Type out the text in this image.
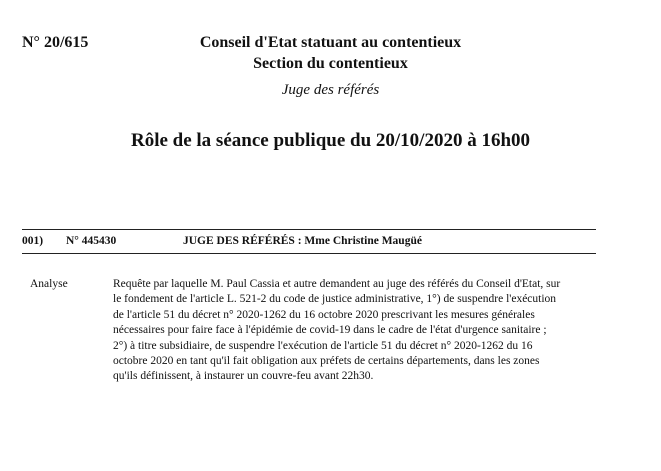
N° 20/615	Conseil d'Etat statuant au contentieux
Section du contentieux
Juge des référés
Rôle de la séance publique du 20/10/2020 à 16h00
001) N° 445430	JUGE DES RÉFÉRÉS : Mme Christine Maugüé
Analyse	Requête par laquelle M. Paul Cassia et autre demandent au juge des référés du Conseil d'Etat, sur
le fondement de l'article L. 521-2 du code de justice administrative, 1°) de suspendre l'exécution
de l'article 51 du décret n° 2020-1262 du 16 octobre 2020 prescrivant les mesures générales
nécessaires pour faire face à l'épidémie de covid-19 dans le cadre de l'état d'urgence sanitaire ;
2°) à titre subsidiaire, de suspendre l'exécution de l'article 51 du décret n° 2020-1262 du 16
octobre 2020 en tant qu'il fait obligation aux préfets de certains départements, dans les zones
qu'ils définissent, à instaurer un couvre-feu avant 22h30.
